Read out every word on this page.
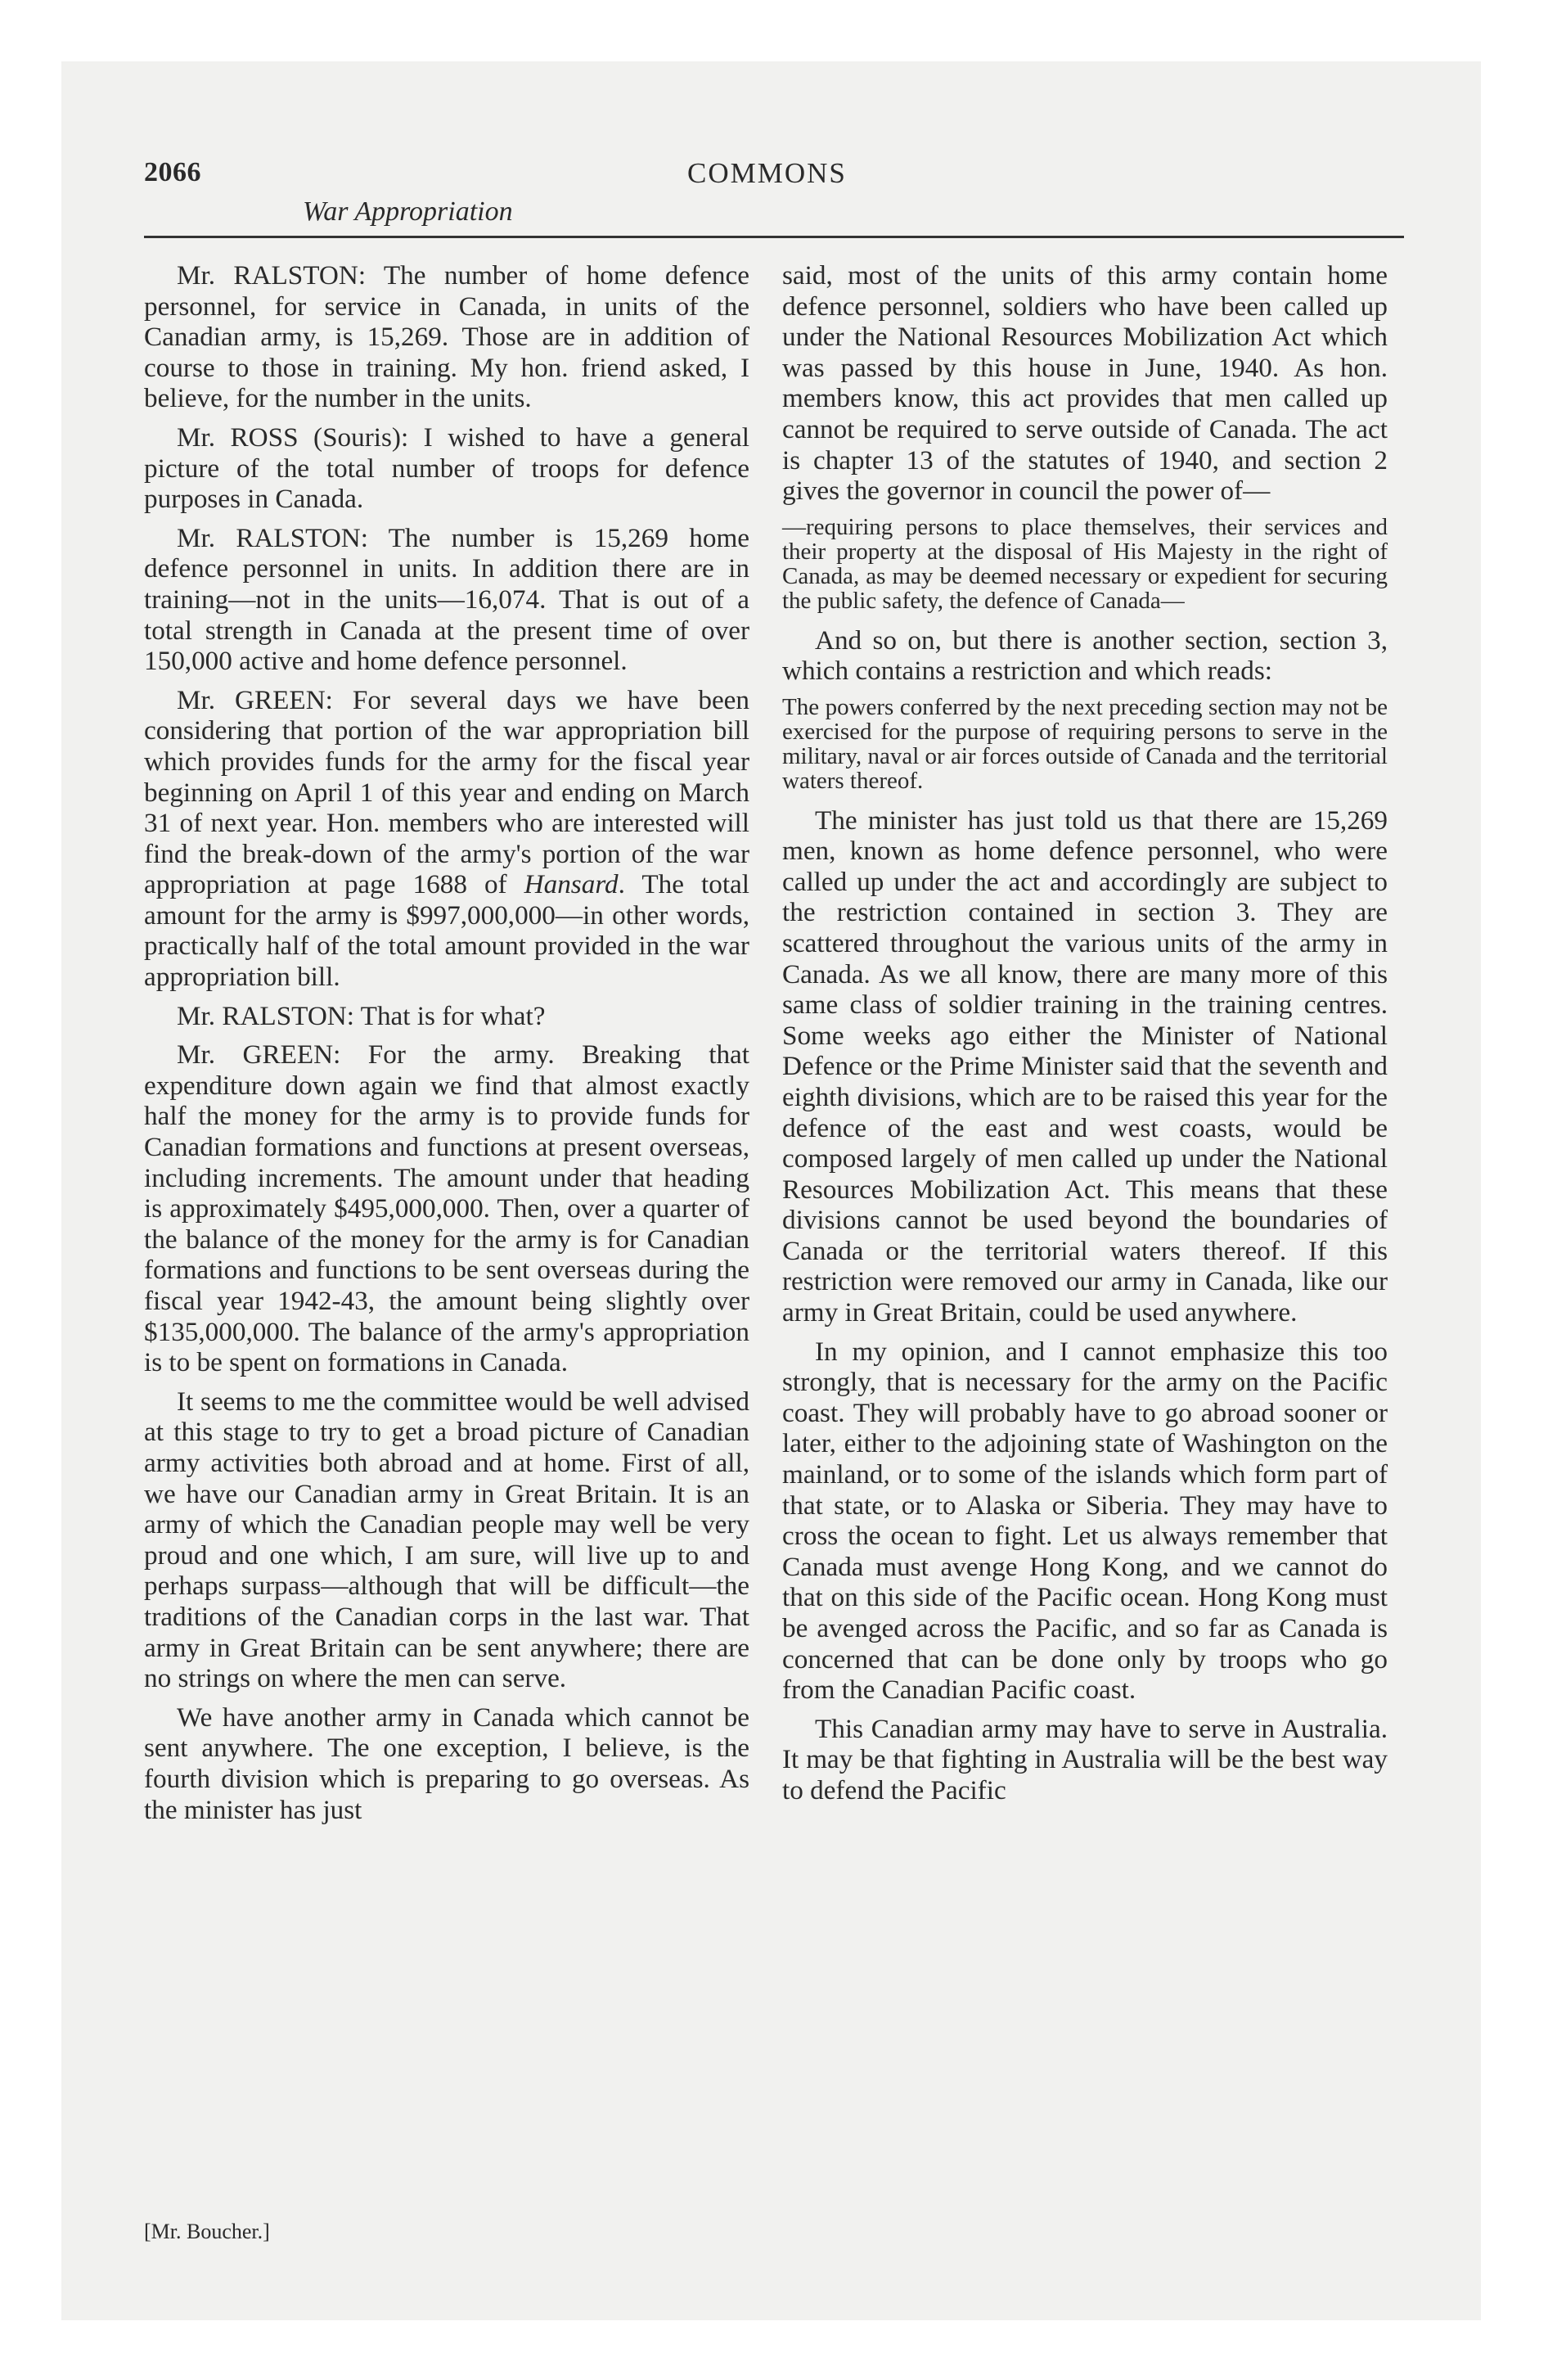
2066	COMMONS
War Appropriation

Mr. RALSTON: The number of home defence personnel, for service in Canada, in units of the Canadian army, is 15,269. Those are in addition of course to those in training. My hon. friend asked, I believe, for the number in the units.

Mr. ROSS (Souris): I wished to have a general picture of the total number of troops for defence purposes in Canada.

Mr. RALSTON: The number is 15,269 home defence personnel in units. In addition there are in training—not in the units—16,074. That is out of a total strength in Canada at the present time of over 150,000 active and home defence personnel.

Mr. GREEN: For several days we have been considering that portion of the war appropriation bill which provides funds for the army for the fiscal year beginning on April 1 of this year and ending on March 31 of next year. Hon. members who are interested will find the break-down of the army's portion of the war appropriation at page 1688 of Hansard. The total amount for the army is $997,000,000—in other words, practically half of the total amount provided in the war appropriation bill.

Mr. RALSTON: That is for what?

Mr. GREEN: For the army. Breaking that expenditure down again we find that almost exactly half the money for the army is to provide funds for Canadian formations and functions at present overseas, including increments. The amount under that heading is approximately $495,000,000. Then, over a quarter of the balance of the money for the army is for Canadian formations and functions to be sent overseas during the fiscal year 1942-43, the amount being slightly over $135,000,000. The balance of the army's appropriation is to be spent on formations in Canada.

It seems to me the committee would be well advised at this stage to try to get a broad picture of Canadian army activities both abroad and at home. First of all, we have our Canadian army in Great Britain. It is an army of which the Canadian people may well be very proud and one which, I am sure, will live up to and perhaps surpass—although that will be difficult—the traditions of the Canadian corps in the last war. That army in Great Britain can be sent anywhere; there are no strings on where the men can serve.

We have another army in Canada which cannot be sent anywhere. The one exception, I believe, is the fourth division which is preparing to go overseas. As the minister has just

said, most of the units of this army contain home defence personnel, soldiers who have been called up under the National Resources Mobilization Act which was passed by this house in June, 1940. As hon. members know, this act provides that men called up cannot be required to serve outside of Canada. The act is chapter 13 of the statutes of 1940, and section 2 gives the governor in council the power of—

—requiring persons to place themselves, their services and their property at the disposal of His Majesty in the right of Canada, as may be deemed necessary or expedient for securing the public safety, the defence of Canada—

And so on, but there is another section, section 3, which contains a restriction and which reads:

The powers conferred by the next preceding section may not be exercised for the purpose of requiring persons to serve in the military, naval or air forces outside of Canada and the territorial waters thereof.

The minister has just told us that there are 15,269 men, known as home defence personnel, who were called up under the act and accordingly are subject to the restriction contained in section 3. They are scattered throughout the various units of the army in Canada. As we all know, there are many more of this same class of soldier training in the training centres. Some weeks ago either the Minister of National Defence or the Prime Minister said that the seventh and eighth divisions, which are to be raised this year for the defence of the east and west coasts, would be composed largely of men called up under the National Resources Mobilization Act. This means that these divisions cannot be used beyond the boundaries of Canada or the territorial waters thereof. If this restriction were removed our army in Canada, like our army in Great Britain, could be used anywhere.

In my opinion, and I cannot emphasize this too strongly, that is necessary for the army on the Pacific coast. They will probably have to go abroad sooner or later, either to the adjoining state of Washington on the mainland, or to some of the islands which form part of that state, or to Alaska or Siberia. They may have to cross the ocean to fight. Let us always remember that Canada must avenge Hong Kong, and we cannot do that on this side of the Pacific ocean. Hong Kong must be avenged across the Pacific, and so far as Canada is concerned that can be done only by troops who go from the Canadian Pacific coast.

This Canadian army may have to serve in Australia. It may be that fighting in Australia will be the best way to defend the Pacific

[Mr. Boucher.]
